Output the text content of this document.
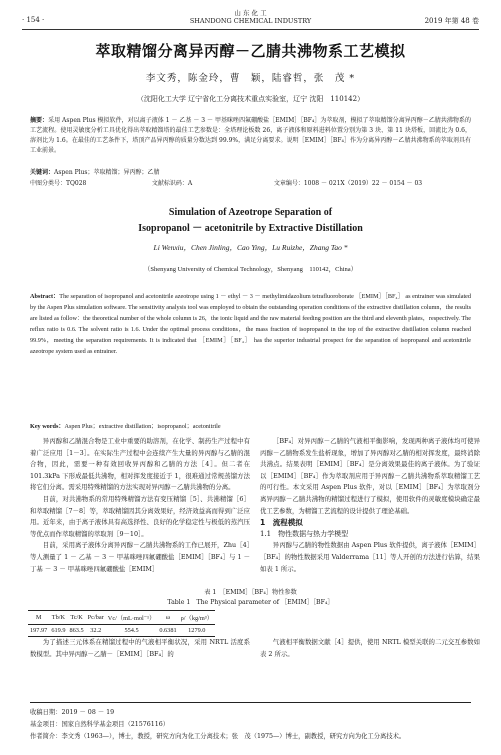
· 154 ·
山 东 化 工
SHANDONG CHEMICAL INDUSTRY	2019 年第 48 卷
萃取精馏分离异丙醇－乙腈共沸物系工艺模拟
李文秀，陈金玲，曹　颖，陆睿哲，张　茂 *
（沈阳化工大学 辽宁省化工分离技术重点实验室，辽宁 沈阳　110142）
摘要：采用 Aspen Plus 模拟软件，对以离子液体 1 － 乙基 － 3 － 甲基咪唑四氟硼酸盐［EMIM］［BF₄］为萃取剂，模拟了萃取精馏分离异丙醇－乙腈共沸物系的工艺流程。使用灵敏度分析工具优化得出萃取精馏塔的最佳工艺参数是：全塔理论板数 26，离子液体和原料进料位置分别为第 3 块、第 11 块塔板，回流比为 0.6，溶剂比为 1.6。在最佳的工艺条件下，塔顶产品异丙醇的质量分数达到 99.9%，满足分离要求。说明［EMIM］［BF₄］作为分离异丙醇－乙腈共沸物系的萃取剂具有工业前景。
关键词：Aspen Plus；萃取精馏；异丙醇；乙腈
中图分类号：TQ028	文献标识码：A	文章编号：1008 － 021X（2019）22 － 0154 － 03
Simulation of Azeotrope Separation of
Isopropanol － acetonitrile by Extractive Distillation
Li Wenxiu，Chen Jinling，Cao Ying，Lu Ruizhe，Zhang Tao *
（Shenyang University of Chemical Technology，Shenyang　110142，China）
Abstract：The separation of isopropanol and acetonitrile azeotrope using 1 － ethyl － 3 － methylimidazolium tetrafluoroborate ［EMIM］［BF₄］ as entrainer was simulated by the Aspen Plus simulation software. The sensitivity analysis tool was employed to obtain the outstanding operation conditions of the extractive distillation column，the results are listed as follow：the theoretical number of the whole column is 26，the ionic liquid and the raw material feeding position are the third and eleventh plates，respectively. The reflux ratio is 0.6. The solvent ratio is 1.6. Under the optimal process conditions，the mass fraction of isopropanol in the top of the extractive distillation column reached 99.9%，meeting the separation requirements. It is indicated that ［EMIM］［BF₄］ has the superior industrial prospect for the separation of isopropanol and acetonitrile azeotrope system used as entrainer.
Key words：Aspen Plus；extractive distillation；isopropanol；acetonitrile

异丙醇和乙腈混合物是工业中重要的助溶剂，在化学、制药生产过程中有着广泛应用［1－3］。在实际生产过程中会连续产生大量的异丙醇与乙腈的混合物，因此，需要一种有效回收异丙醇和乙腈的方法［4］。但二者在 101.3kPa 下形成最低共沸物，相对挥发度接近于 1，很难通过常规蒸馏方法将它们分离。需采用特殊精馏的方法实现对异丙醇－乙腈共沸物的分离。

目前，对共沸物系的常用特殊精馏方法有变压精馏［5］、共沸精馏［6］和萃取精馏［7－8］等，萃取精馏因其分离效果好，经济效益高而得到广泛应用。近年来，由于离子液体具有高选择性、良好的化学稳定性与极低的蒸汽压等优点而作萃取精馏的萃取剂［9－10］。

目前，采用离子液体分离异丙醇－乙腈共沸物系的工作已展开，Zhu［4］等人测量了 1 － 乙基 － 3 － 甲基咪唑四氟硼酸盐［EMIM］［BF₄］与 1 － 丁基 － 3 － 甲基咪唑四氟硼酸盐［EMIM］

［BF₄］对异丙醇－乙腈的气液相平衡影响，发现两种离子液体均可使异丙醇－乙腈物系发生盐析现象，增加了异丙醇对乙腈的相对挥发度，最终消除共沸点。结果表明［EMIM］［BF₄］是分离效果最佳的离子液体。为了验证以［EMIM］［BF₄］作为萃取剂应用于异丙醇－乙腈共沸物系萃取精馏工艺的可行性。本文采用 Aspen Plus 软件，对以［EMIM］［BF₄］为萃取剂分离异丙醇－乙腈共沸物的精馏过程进行了模拟，使用软件的灵敏度模块确定最优工艺参数，为精馏工艺流程的设计提供了理论基础。

1　流程模拟

1.1　物性数据与热力学模型

异丙醇与乙腈的物性数据由 Aspen Plus 软件提供，离子液体［EMIM］［BF₄］的物性数据采用 Valderrama［11］等人开创的方法进行估算，结果如表 1 所示。

表 1　［EMIM］［BF₄］物性参数
Table 1　The Physical parameter of ［EMIM］［BF₄］
M	Tb/K	Tc/K	Pc/bar	Vc/（mL·mol⁻¹）	ω	ρ/（kg/m³）
197.97	619.9	863.5	32.2	554.5	0.6381	1279.0

为了描述三元体系在精馏过程中的气液相平衡状况，采用 NRTL 活度系数模型。其中异丙醇－乙腈－［EMIM］［BF₄］的

气液相平衡数据文献［4］提供，使用 NRTL 模型关联的二元交互参数如表 2 所示。

收稿日期：2019 － 08 － 19
基金项目：国家自然科学基金项目（21576116）
作者简介：李文秀（1963—），博士，教授，研究方向为化工分离技术；张　茂（1975—）博士，副教授，研究方向为化工分离技术。
